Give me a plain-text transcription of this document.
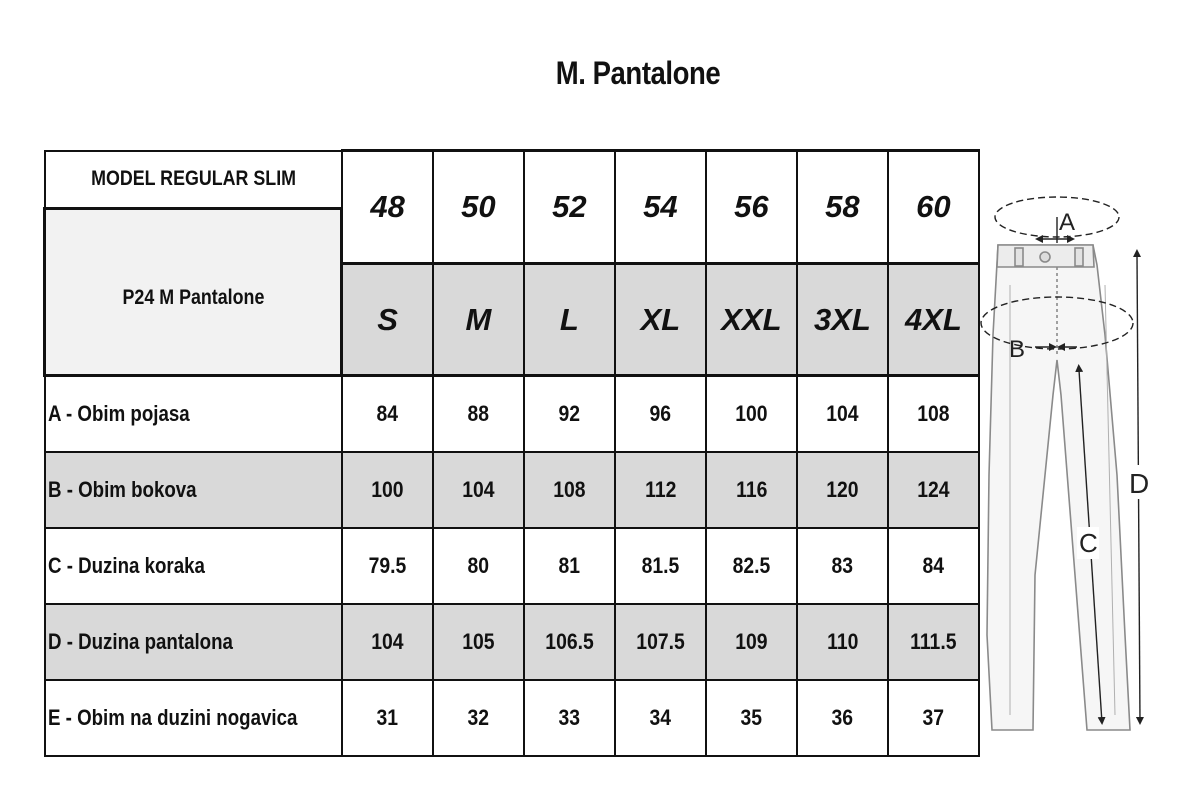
M. Pantalone
MODEL REGULAR SLIM	48	50	52	54	56	58	60
P24 M Pantalone							
	S	M	L	XL	XXL	3XL	4XL
A - Obim pojasa	84	88	92	96	100	104	108
B - Obim bokova	100	104	108	112	116	120	124
C - Duzina koraka	79.5	80	81	81.5	82.5	83	84
D - Duzina pantalona	104	105	106.5	107.5	109	110	111.5
E - Obim na duzini nogavica	31	32	33	34	35	36	37
A
B
C
D
